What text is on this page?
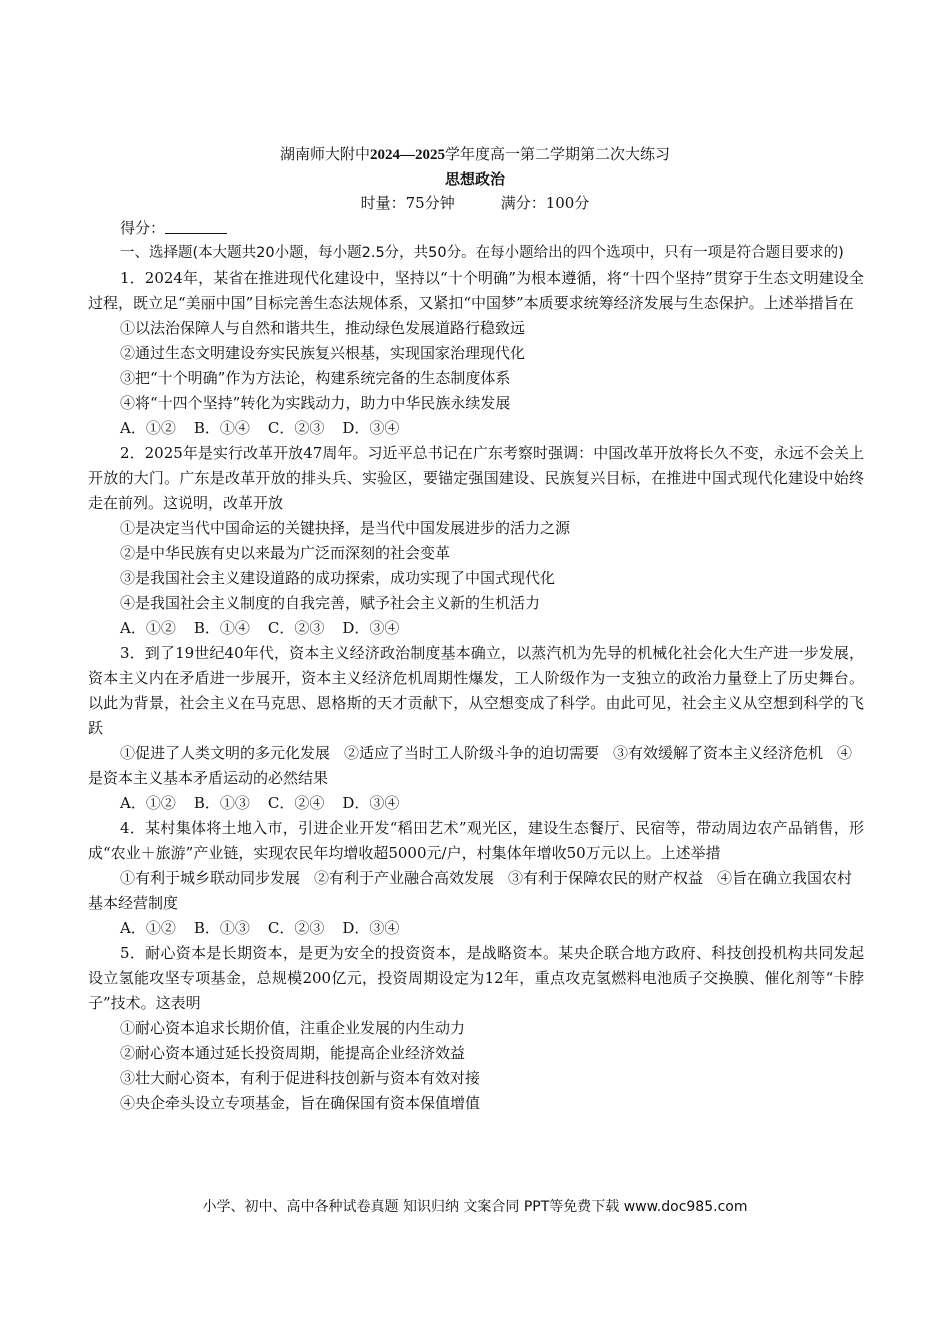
湖南师大附中2024—2025学年度高一第二学期第二次大练习
思想政治
时量：75分钟	满分：100分
得分：
一、选择题(本大题共20小题，每小题2.5分，共50分。在每小题给出的四个选项中，只有一项是符合题目要求的)
1．2024年，某省在推进现代化建设中，坚持以“十个明确”为根本遵循，将“十四个坚持”贯穿于生态文明建设全过程，既立足“美丽中国”目标完善生态法规体系，又紧扣“中国梦”本质要求统筹经济发展与生态保护。上述举措旨在
①以法治保障人与自然和谐共生，推动绿色发展道路行稳致远
②通过生态文明建设夯实民族复兴根基，实现国家治理现代化
③把“十个明确”作为方法论，构建系统完备的生态制度体系
④将“十四个坚持”转化为实践动力，助力中华民族永续发展
A．①② B．①④ C．②③ D．③④
2．2025年是实行改革开放47周年。习近平总书记在广东考察时强调：中国改革开放将长久不变，永远不会关上开放的大门。广东是改革开放的排头兵、实验区，要锚定强国建设、民族复兴目标，在推进中国式现代化建设中始终走在前列。这说明，改革开放
①是决定当代中国命运的关键抉择，是当代中国发展进步的活力之源
②是中华民族有史以来最为广泛而深刻的社会变革
③是我国社会主义建设道路的成功探索，成功实现了中国式现代化
④是我国社会主义制度的自我完善，赋予社会主义新的生机活力
A．①② B．①④ C．②③ D．③④
3．到了19世纪40年代，资本主义经济政治制度基本确立，以蒸汽机为先导的机械化社会化大生产进一步发展，资本主义内在矛盾进一步展开，资本主义经济危机周期性爆发，工人阶级作为一支独立的政治力量登上了历史舞台。以此为背景，社会主义在马克思、恩格斯的天才贡献下，从空想变成了科学。由此可见，社会主义从空想到科学的飞跃
①促进了人类文明的多元化发展 ②适应了当时工人阶级斗争的迫切需要 ③有效缓解了资本主义经济危机 ④是资本主义基本矛盾运动的必然结果
A．①② B．①③ C．②④ D．③④
4．某村集体将土地入市，引进企业开发“稻田艺术”观光区，建设生态餐厅、民宿等，带动周边农产品销售，形成“农业＋旅游”产业链，实现农民年均增收超5000元/户，村集体年增收50万元以上。上述举措
①有利于城乡联动同步发展 ②有利于产业融合高效发展 ③有利于保障农民的财产权益 ④旨在确立我国农村基本经营制度
A．①② B．①③ C．②③ D．③④
5．耐心资本是长期资本，是更为安全的投资资本，是战略资本。某央企联合地方政府、科技创投机构共同发起设立氢能攻坚专项基金，总规模200亿元，投资周期设定为12年，重点攻克氢燃料电池质子交换膜、催化剂等“卡脖子”技术。这表明
①耐心资本追求长期价值，注重企业发展的内生动力
②耐心资本通过延长投资周期，能提高企业经济效益
③壮大耐心资本，有利于促进科技创新与资本有效对接
④央企牵头设立专项基金，旨在确保国有资本保值增值
小学、初中、高中各种试卷真题 知识归纳 文案合同 PPT等免费下载 www.doc985.com
